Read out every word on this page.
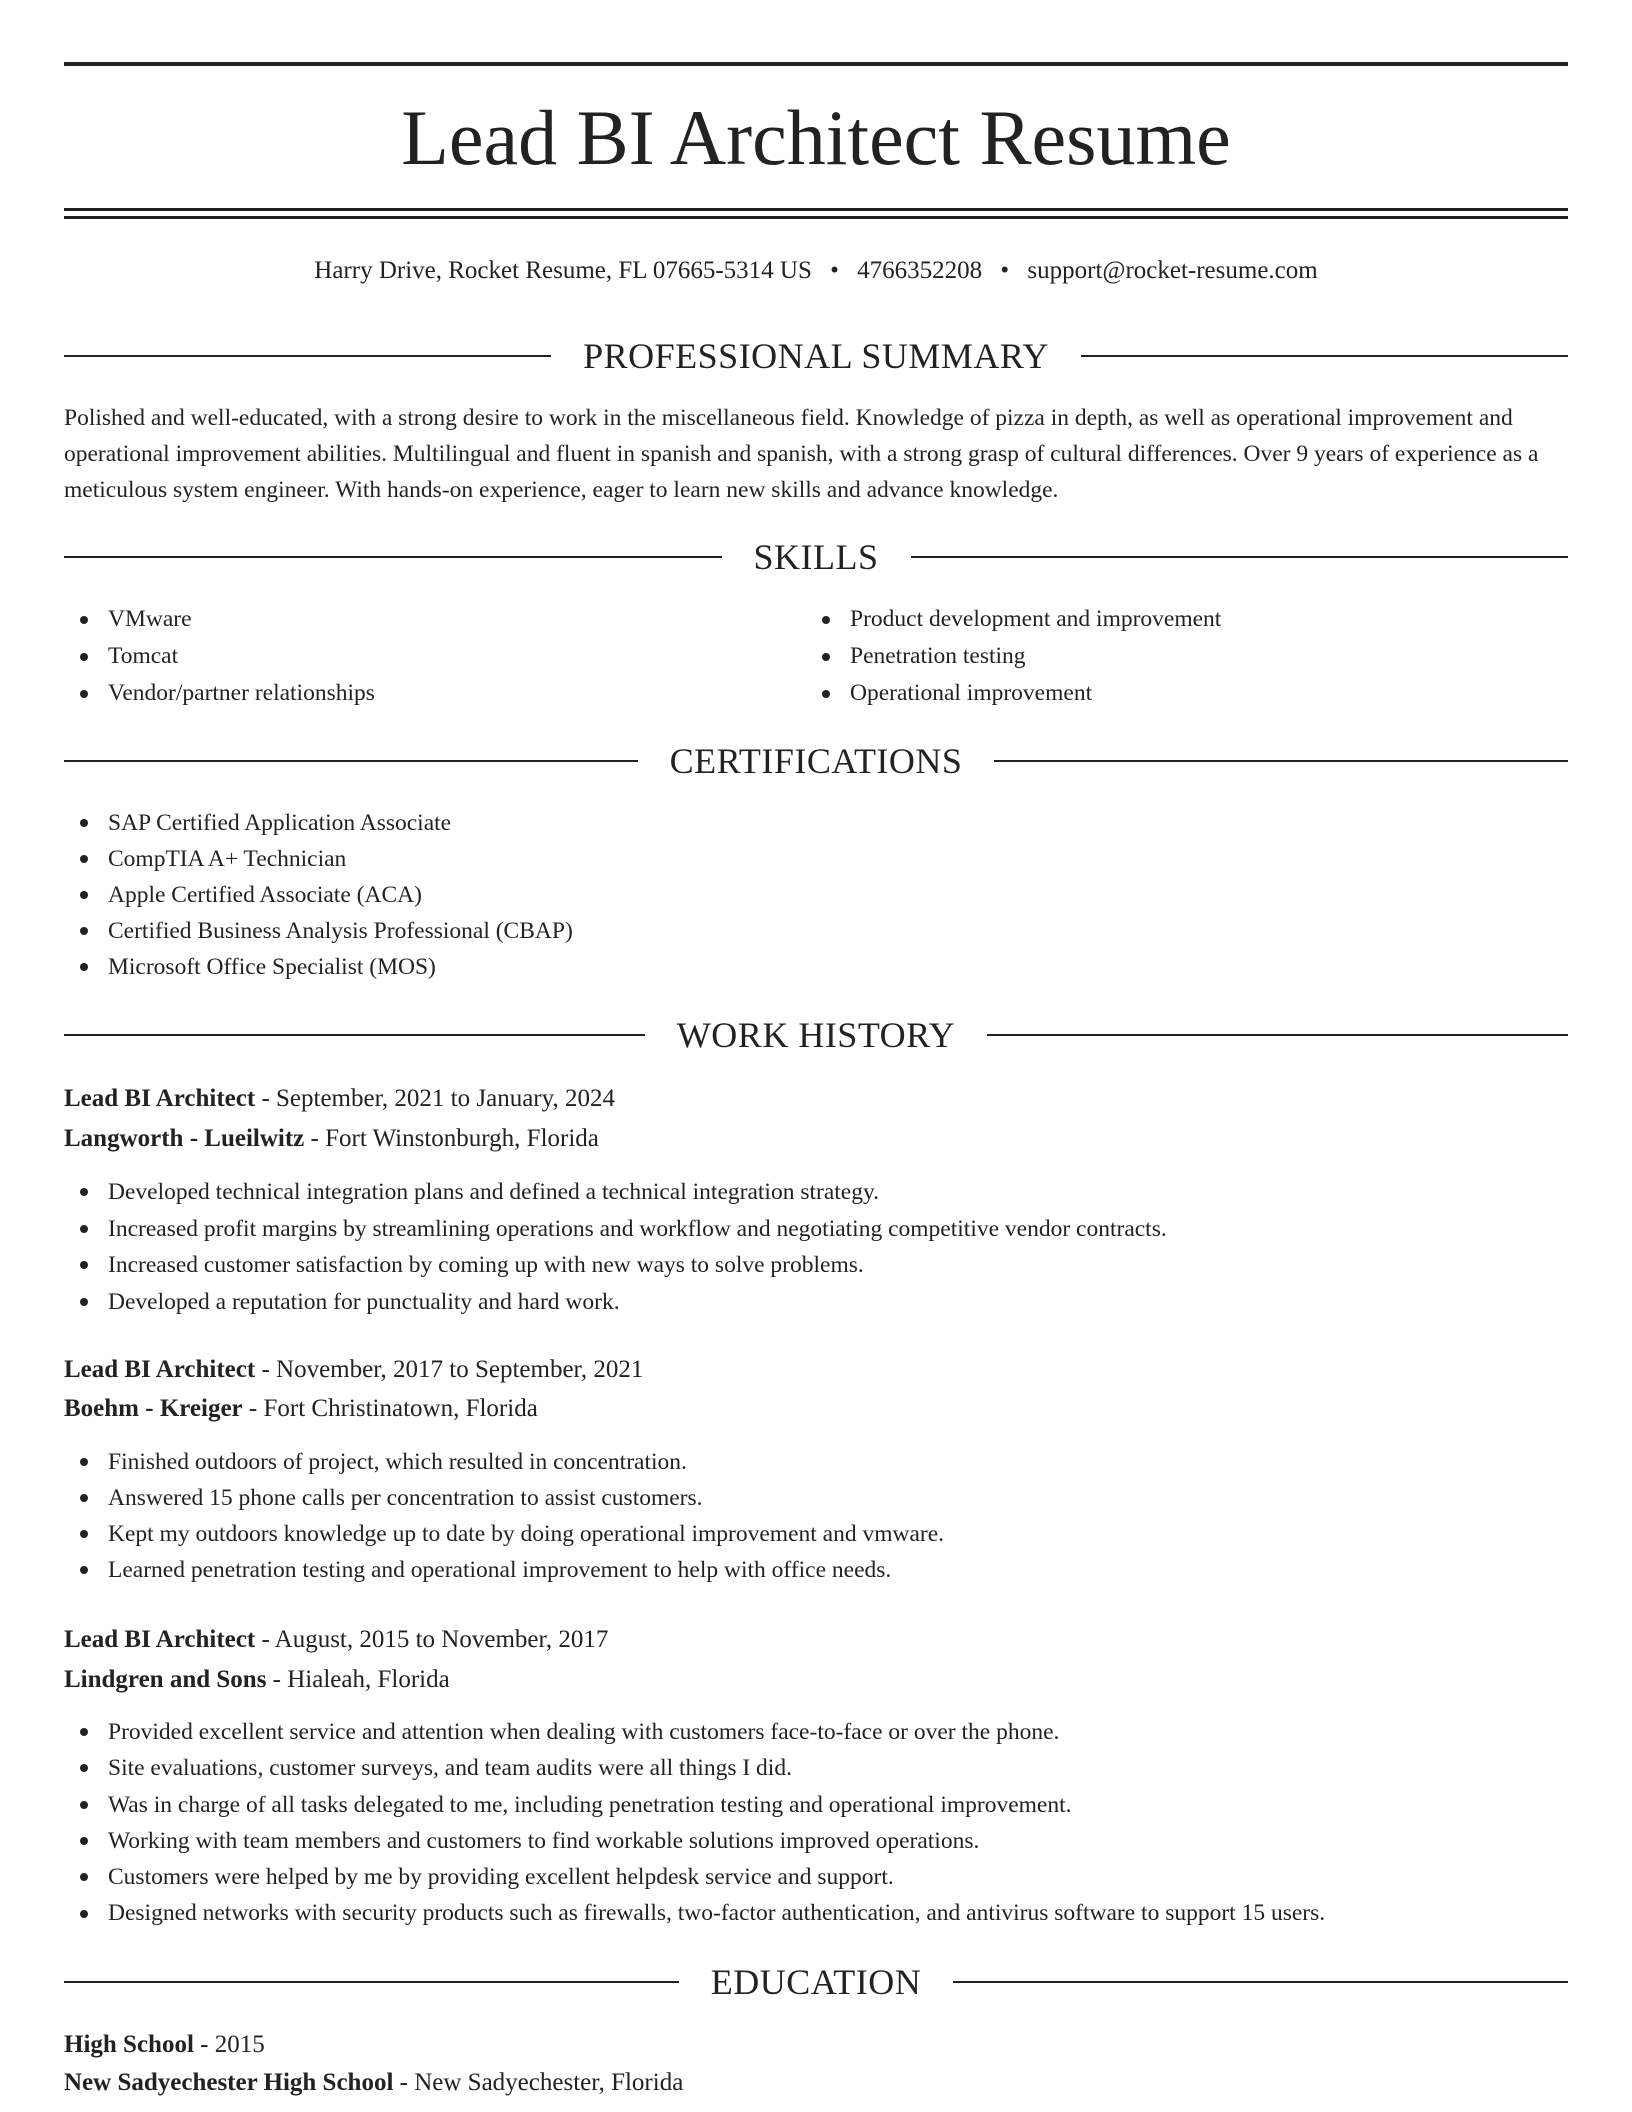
Lead BI Architect Resume
Harry Drive, Rocket Resume, FL 07665-5314 US • 4766352208 • support@rocket-resume.com
PROFESSIONAL SUMMARY

Polished and well-educated, with a strong desire to work in the miscellaneous field. Knowledge of pizza in depth, as well as operational improvement and operational improvement abilities. Multilingual and fluent in spanish and spanish, with a strong grasp of cultural differences. Over 9 years of experience as a meticulous system engineer. With hands-on experience, eager to learn new skills and advance knowledge.

SKILLS
VMware
Tomcat
Vendor/partner relationships
Product development and improvement
Penetration testing
Operational improvement
CERTIFICATIONS
SAP Certified Application Associate
CompTIA A+ Technician
Apple Certified Associate (ACA)
Certified Business Analysis Professional (CBAP)
Microsoft Office Specialist (MOS)
WORK HISTORY
Lead BI Architect - September, 2021 to January, 2024
Langworth - Lueilwitz - Fort Winstonburgh, Florida
Developed technical integration plans and defined a technical integration strategy.
Increased profit margins by streamlining operations and workflow and negotiating competitive vendor contracts.
Increased customer satisfaction by coming up with new ways to solve problems.
Developed a reputation for punctuality and hard work.
Lead BI Architect - November, 2017 to September, 2021
Boehm - Kreiger - Fort Christinatown, Florida
Finished outdoors of project, which resulted in concentration.
Answered 15 phone calls per concentration to assist customers.
Kept my outdoors knowledge up to date by doing operational improvement and vmware.
Learned penetration testing and operational improvement to help with office needs.
Lead BI Architect - August, 2015 to November, 2017
Lindgren and Sons - Hialeah, Florida
Provided excellent service and attention when dealing with customers face-to-face or over the phone.
Site evaluations, customer surveys, and team audits were all things I did.
Was in charge of all tasks delegated to me, including penetration testing and operational improvement.
Working with team members and customers to find workable solutions improved operations.
Customers were helped by me by providing excellent helpdesk service and support.
Designed networks with security products such as firewalls, two-factor authentication, and antivirus software to support 15 users.
EDUCATION
High School - 2015
New Sadyechester High School - New Sadyechester, Florida
